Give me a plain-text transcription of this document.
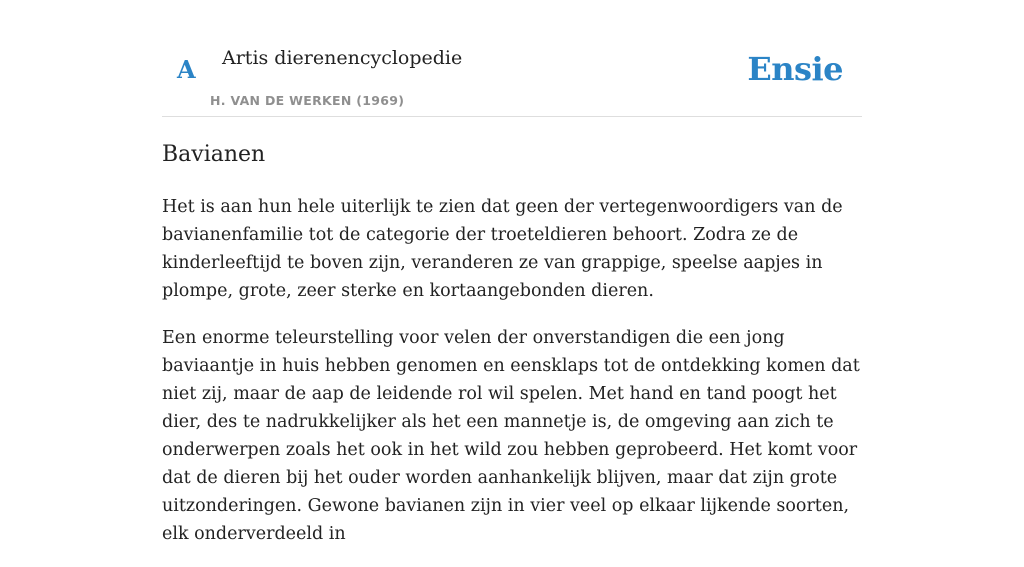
A Artis dierenencyclopedie
H. VAN DE WERKEN (1969)
Ensie
Bavianen

Het is aan hun hele uiterlijk te zien dat geen der vertegenwoordigers van de bavianenfamilie tot de categorie der troeteldieren behoort. Zodra ze de kinderleeftijd te boven zijn, veranderen ze van grappige, speelse aapjes in plompe, grote, zeer sterke en kortaangebonden dieren.

Een enorme teleurstelling voor velen der onverstandigen die een jong baviaantje in huis hebben genomen en eensklaps tot de ontdekking komen dat niet zij, maar de aap de leidende rol wil spelen. Met hand en tand poogt het dier, des te nadrukkelijker als het een mannetje is, de omgeving aan zich te onderwerpen zoals het ook in het wild zou hebben geprobeerd. Het komt voor dat de dieren bij het ouder worden aanhankelijk blijven, maar dat zijn grote uitzonderingen. Gewone bavianen zijn in vier veel op elkaar lijkende soorten, elk onderverdeeld in
